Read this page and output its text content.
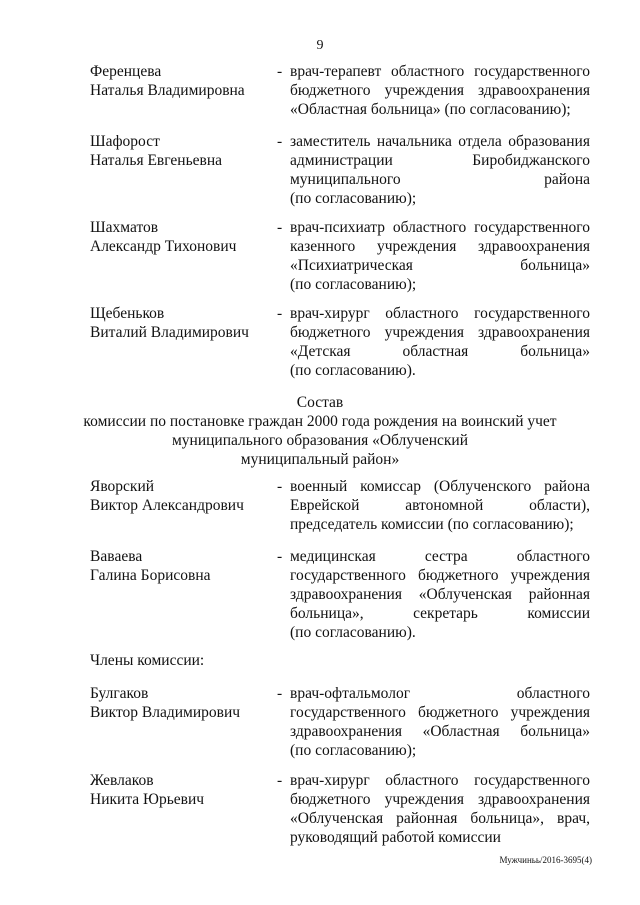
9
Ференцева
Наталья Владимировна
- врач-терапевт областного государственного
бюджетного учреждения здравоохранения
«Областная больница» (по согласованию);
Шафорост
Наталья Евгеньевна
- заместитель начальника отдела образования
администрации Биробиджанского
муниципального района
(по согласованию);
Шахматов
Александр Тихонович
- врач-психиатр областного государственного
казенного учреждения здравоохранения
«Психиатрическая больница»
(по согласованию);
Щебеньков
Виталий Владимирович
- врач-хирург областного государственного
бюджетного учреждения здравоохранения
«Детская областная больница»
(по согласованию).
Яворский
Виктор Александрович
- военный комиссар (Облученского района
Еврейской автономной области),
председатель комиссии (по согласованию);
Вавaева
Галина Борисовна
- медицинская сестра областного
государственного бюджетного учреждения
здравоохранения «Облученская районная
больница», секретарь комиссии
(по согласованию).
Булгаков
Виктор Владимирович
- врач-офтальмолог областного
государственного бюджетного учреждения
здравоохранения «Областная больница»
(по согласованию);
Жевлаков
Никита Юрьевич
- врач-хирург областного государственного
бюджетного учреждения здравоохранения
«Облученская районная больница», врач,
руководящий работой комиссии
Состав
комиссии по постановке граждан 2000 года рождения на воинский учет
муниципального образования «Облученский
муниципальный район»
Члены комиссии:
Мужчиньь/2016-3695(4)
